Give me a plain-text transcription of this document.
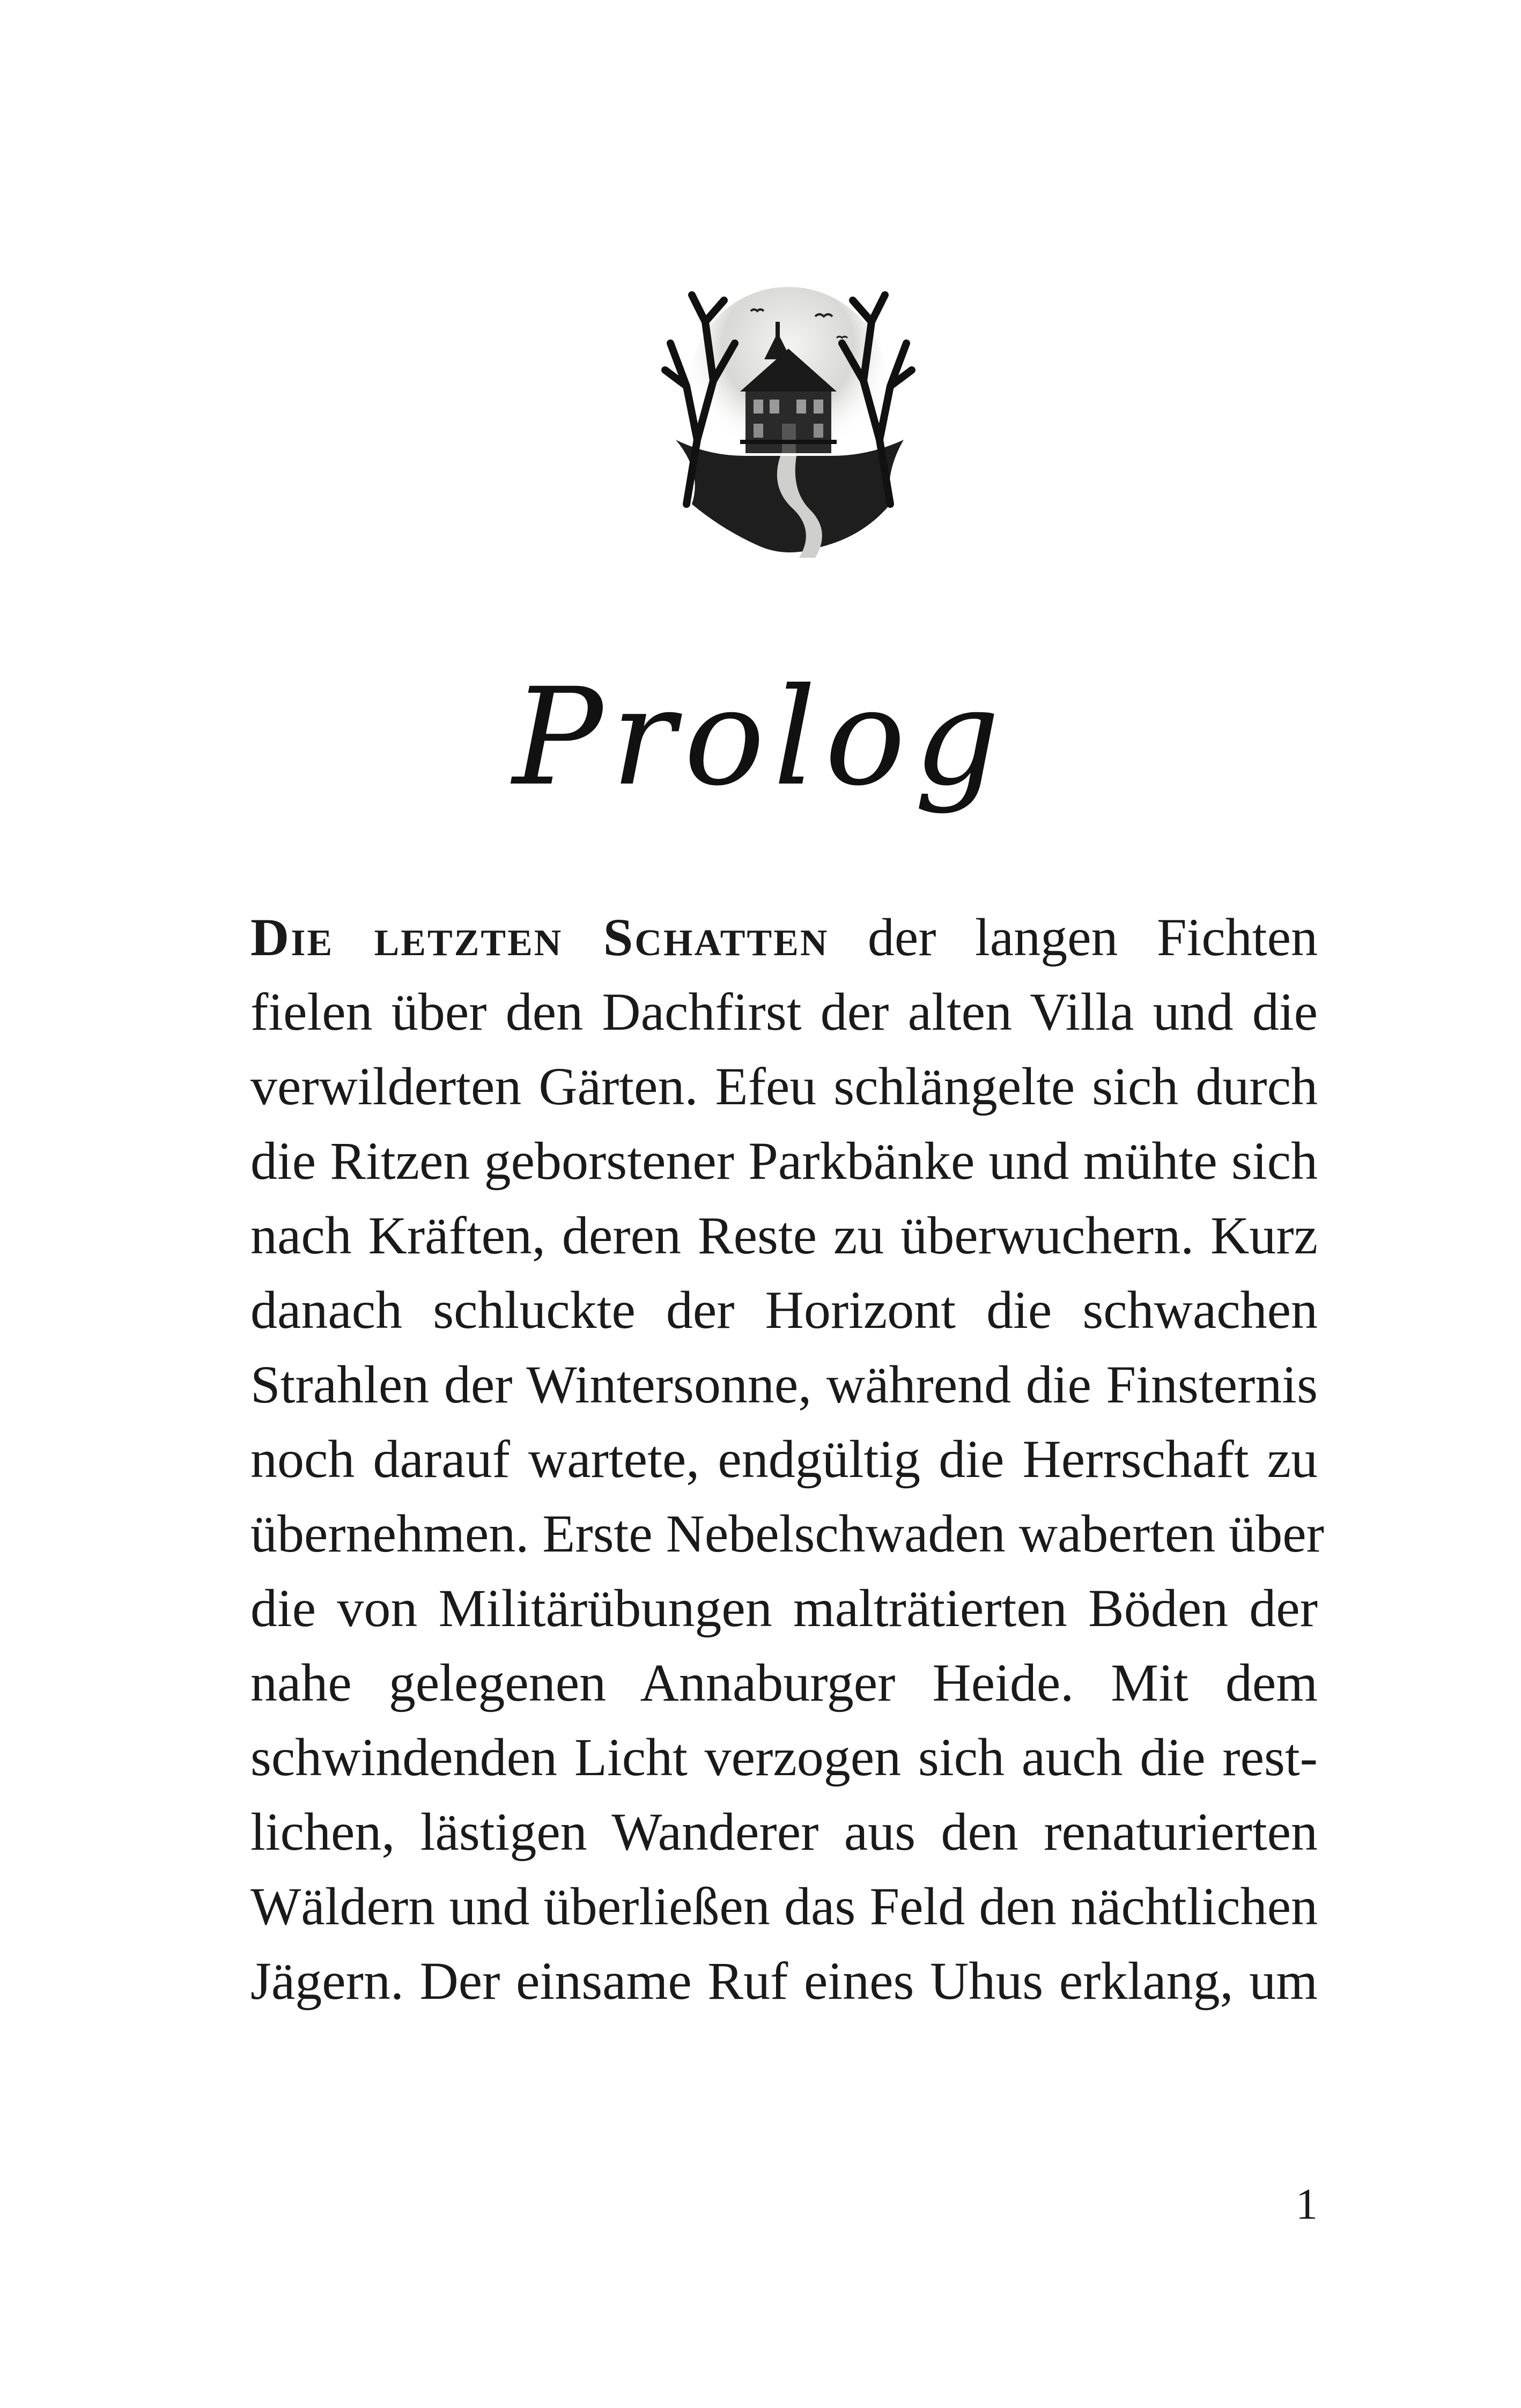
Prolog
Die letzten Schatten der langen Fichten
fielen über den Dachfirst der alten Villa und die
verwilderten Gärten. Efeu schlängelte sich durch
die Ritzen geborstener Parkbänke und mühte sich
nach Kräften, deren Reste zu überwuchern. Kurz
danach schluckte der Horizont die schwachen
Strahlen der Wintersonne, während die Finsternis
noch darauf wartete, endgültig die Herrschaft zu
übernehmen. Erste Nebelschwaden waberten über
die von Militärübungen malträtierten Böden der
nahe gelegenen Annaburger Heide. Mit dem
schwindenden Licht verzogen sich auch die rest-
lichen, lästigen Wanderer aus den renaturierten
Wäldern und überließen das Feld den nächtlichen
Jägern. Der einsame Ruf eines Uhus erklang, um
1
